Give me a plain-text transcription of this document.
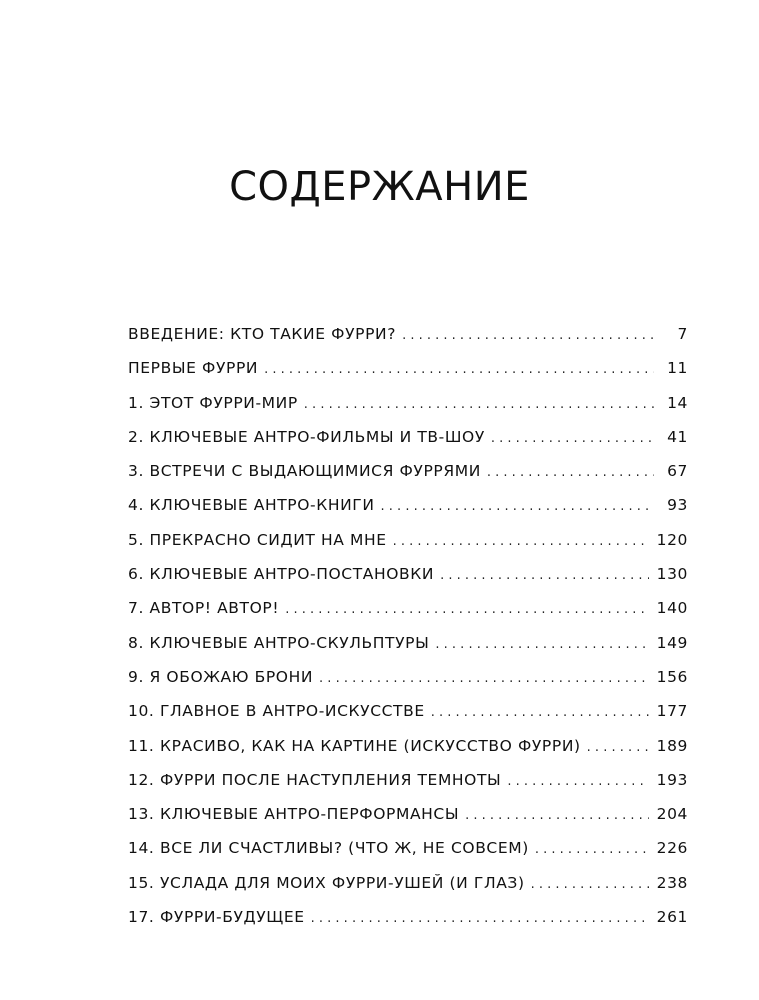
СОДЕРЖАНИЕ
ВВЕДЕНИЕ: КТО ТАКИЕ ФУРРИ? . . .	7
ПЕРВЫЕ ФУРРИ . . .	11
1. ЭТОТ ФУРРИ-МИР . . .	14
2. КЛЮЧЕВЫЕ АНТРО-ФИЛЬМЫ И ТВ-ШОУ . . .	41
3. ВСТРЕЧИ С ВЫДАЮЩИМИСЯ ФУРРЯМИ . . .	67
4. КЛЮЧЕВЫЕ АНТРО-КНИГИ . . .	93
5. ПРЕКРАСНО СИДИТ НА МНЕ . . .	120
6. КЛЮЧЕВЫЕ АНТРО-ПОСТАНОВКИ . . .	130
7. АВТОР! АВТОР! . . .	140
8. КЛЮЧЕВЫЕ АНТРО-СКУЛЬПТУРЫ . . .	149
9. Я ОБОЖАЮ БРОНИ . . .	156
10. ГЛАВНОЕ В АНТРО-ИСКУССТВЕ . . .	177
11. КРАСИВО, КАК НА КАРТИНЕ (ИСКУССТВО ФУРРИ) . . .	189
12. ФУРРИ ПОСЛЕ НАСТУПЛЕНИЯ ТЕМНОТЫ . . .	193
13. КЛЮЧЕВЫЕ АНТРО-ПЕРФОРМАНСЫ . . .	204
14. ВСЕ ЛИ СЧАСТЛИВЫ? (ЧТО Ж, НЕ СОВСЕМ) . . .	226
15. УСЛАДА ДЛЯ МОИХ ФУРРИ-УШЕЙ (И ГЛАЗ) . . .	238
17. ФУРРИ-БУДУЩЕЕ . . .	261
